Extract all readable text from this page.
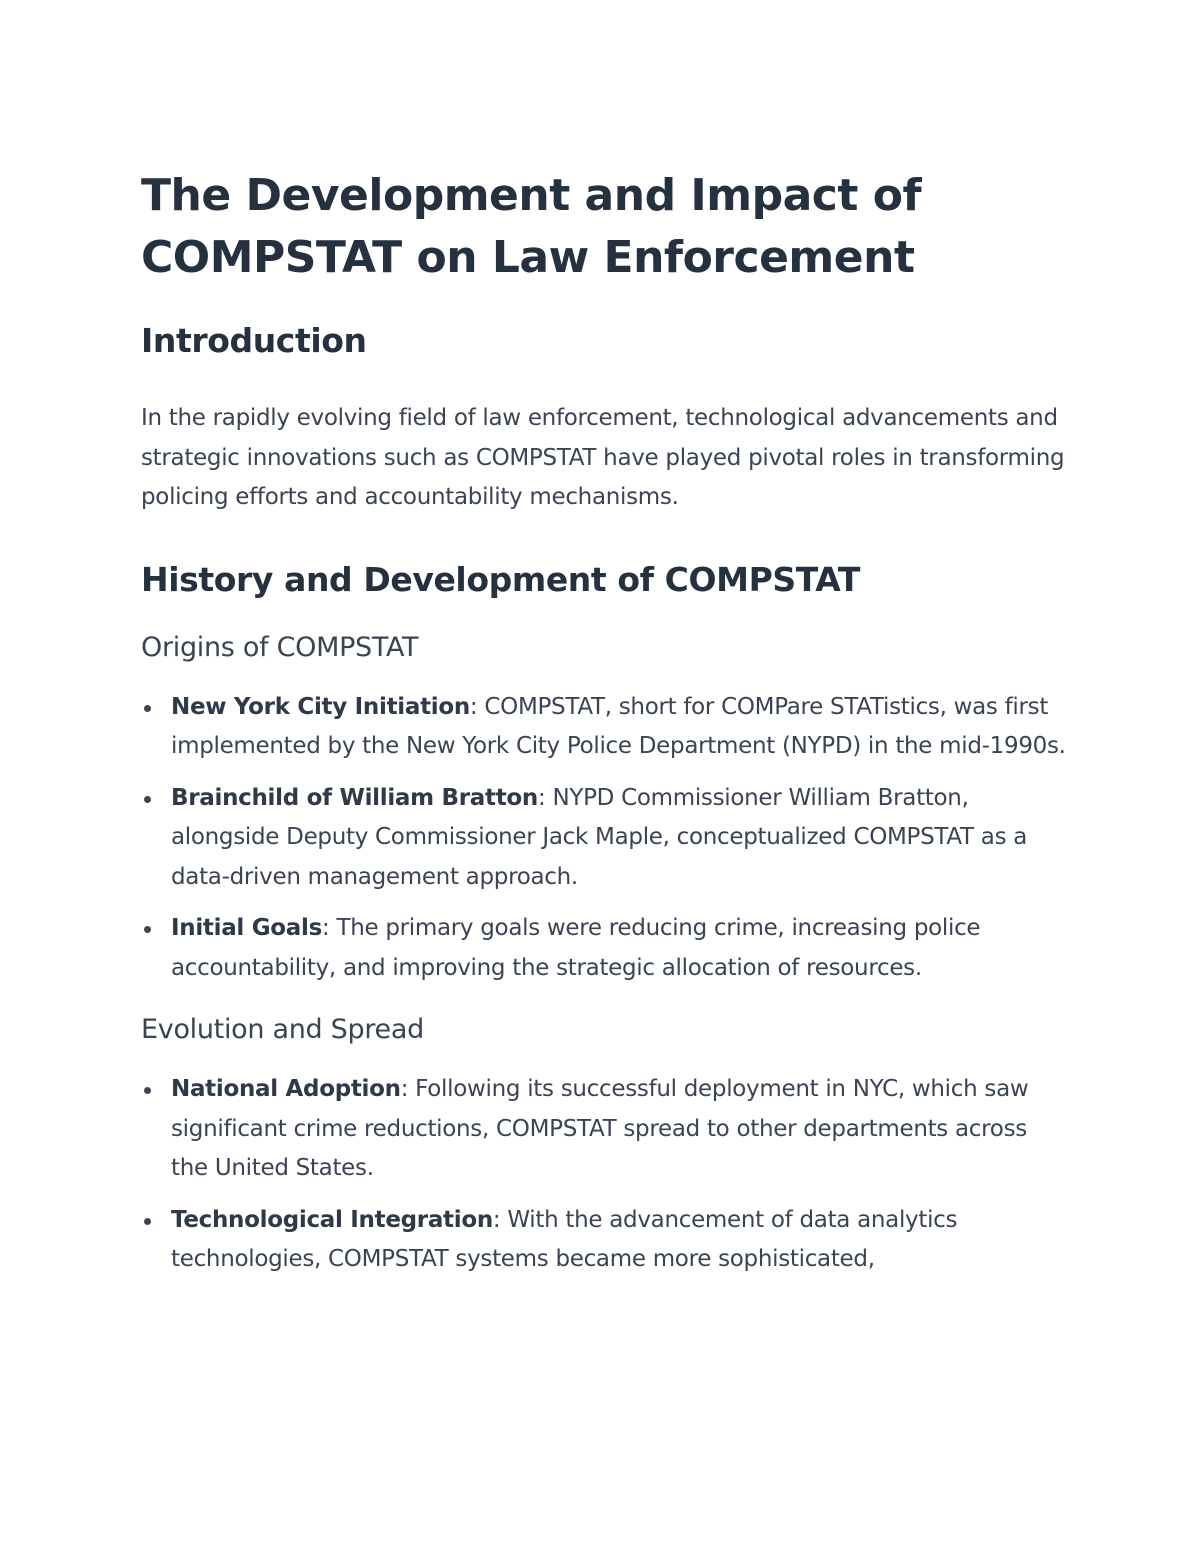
The Development and Impact of COMPSTAT on Law Enforcement
Introduction

In the rapidly evolving field of law enforcement, technological advancements and strategic innovations such as COMPSTAT have played pivotal roles in transforming policing efforts and accountability mechanisms.

History and Development of COMPSTAT
Origins of COMPSTAT
New York City Initiation: COMPSTAT, short for COMPare STATistics, was first implemented by the New York City Police Department (NYPD) in the mid-1990s.
Brainchild of William Bratton: NYPD Commissioner William Bratton, alongside Deputy Commissioner Jack Maple, conceptualized COMPSTAT as a data-driven management approach.
Initial Goals: The primary goals were reducing crime, increasing police accountability, and improving the strategic allocation of resources.
Evolution and Spread
National Adoption: Following its successful deployment in NYC, which saw significant crime reductions, COMPSTAT spread to other departments across the United States.
Technological Integration: With the advancement of data analytics technologies, COMPSTAT systems became more sophisticated,
